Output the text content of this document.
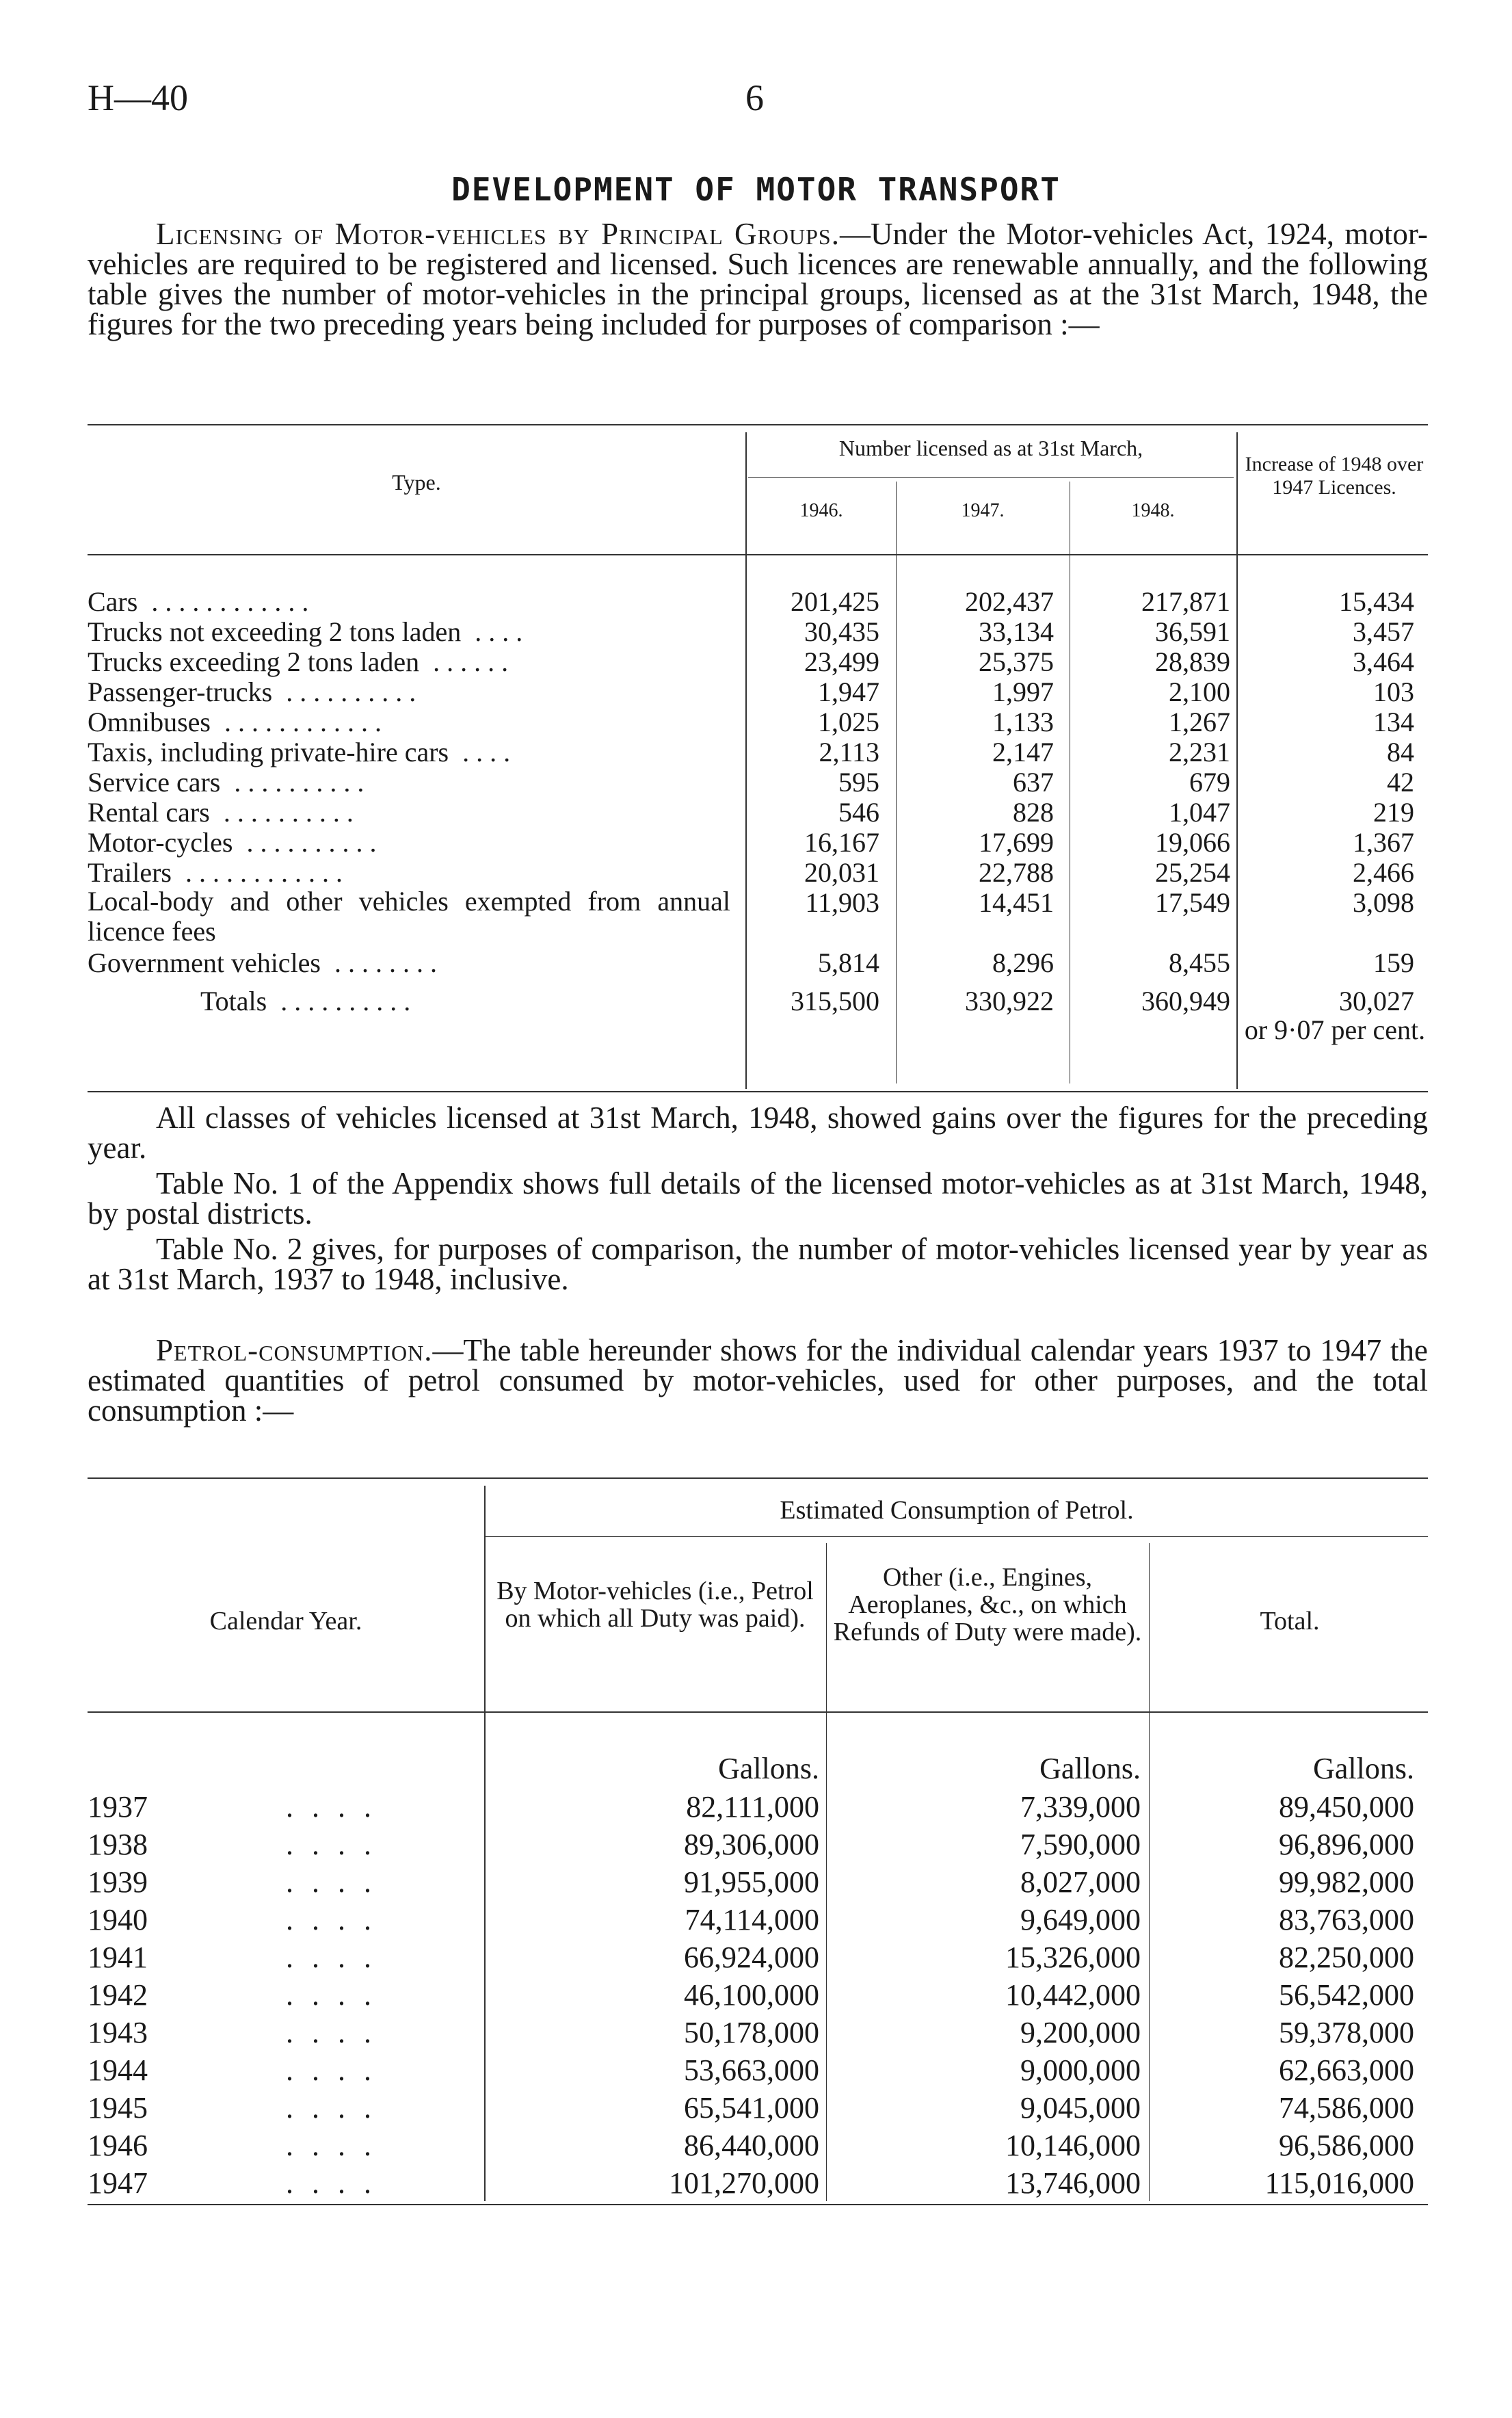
H—40	6
DEVELOPMENT OF MOTOR TRANSPORT

Licensing of Motor-vehicles by Principal Groups.—Under the Motor-vehicles Act, 1924, motor-vehicles are required to be registered and licensed. Such licences are renewable annually, and the following table gives the number of motor-vehicles in the principal groups, licensed as at the 31st March, 1948, the figures for the two preceding years being included for purposes of comparison :—

Type.
Number licensed as at 31st March,
1946.	1947.	1948.
Increase of 1948 over 1947 Licences.
Cars . . . . . . . . . . . .	201,425	202,437	217,871	15,434
Trucks not exceeding 2 tons laden . . . .	30,435	33,134	36,591	3,457
Trucks exceeding 2 tons laden . . . . . .	23,499	25,375	28,839	3,464
Passenger-trucks . . . . . . . . . .	1,947	1,997	2,100	103
Omnibuses . . . . . . . . . . . .	1,025	1,133	1,267	134
Taxis, including private-hire cars . . . .	2,113	2,147	2,231	84
Service cars . . . . . . . . . .	595	637	679	42
Rental cars . . . . . . . . . .	546	828	1,047	219
Motor-cycles . . . . . . . . . .	16,167	17,699	19,066	1,367
Trailers . . . . . . . . . . . .	20,031	22,788	25,254	2,466
Local-body and other vehicles exempted from annual licence fees
11,903	14,451	17,549	3,098
Government vehicles . . . . . . . .	5,814	8,296	8,455	159
Totals . . . . . . . . . .	315,500	330,922	360,949	30,027
or 9·07 per cent.

All classes of vehicles licensed at 31st March, 1948, showed gains over the figures for the preceding year.

Table No. 1 of the Appendix shows full details of the licensed motor-vehicles as at 31st March, 1948, by postal districts.

Table No. 2 gives, for purposes of comparison, the number of motor-vehicles licensed year by year as at 31st March, 1937 to 1948, inclusive.

Petrol-consumption.—The table hereunder shows for the individual calendar years 1937 to 1947 the estimated quantities of petrol consumed by motor-vehicles, used for other purposes, and the total consumption :—

Calendar Year.
Estimated Consumption of Petrol.
By Motor-vehicles (i.e., Petrol on which all Duty was paid).
Other (i.e., Engines, Aeroplanes, &c., on which Refunds of Duty were made).	Total.
Gallons.	Gallons.	Gallons.
1937	. . . .	82,111,000	7,339,000	89,450,000
1938	. . . .	89,306,000	7,590,000	96,896,000
1939	. . . .	91,955,000	8,027,000	99,982,000
1940	. . . .	74,114,000	9,649,000	83,763,000
1941	. . . .	66,924,000	15,326,000	82,250,000
1942	. . . .	46,100,000	10,442,000	56,542,000
1943	. . . .	50,178,000	9,200,000	59,378,000
1944	. . . .	53,663,000	9,000,000	62,663,000
1945	. . . .	65,541,000	9,045,000	74,586,000
1946	. . . .	86,440,000	10,146,000	96,586,000
1947	. . . .	101,270,000	13,746,000	115,016,000
